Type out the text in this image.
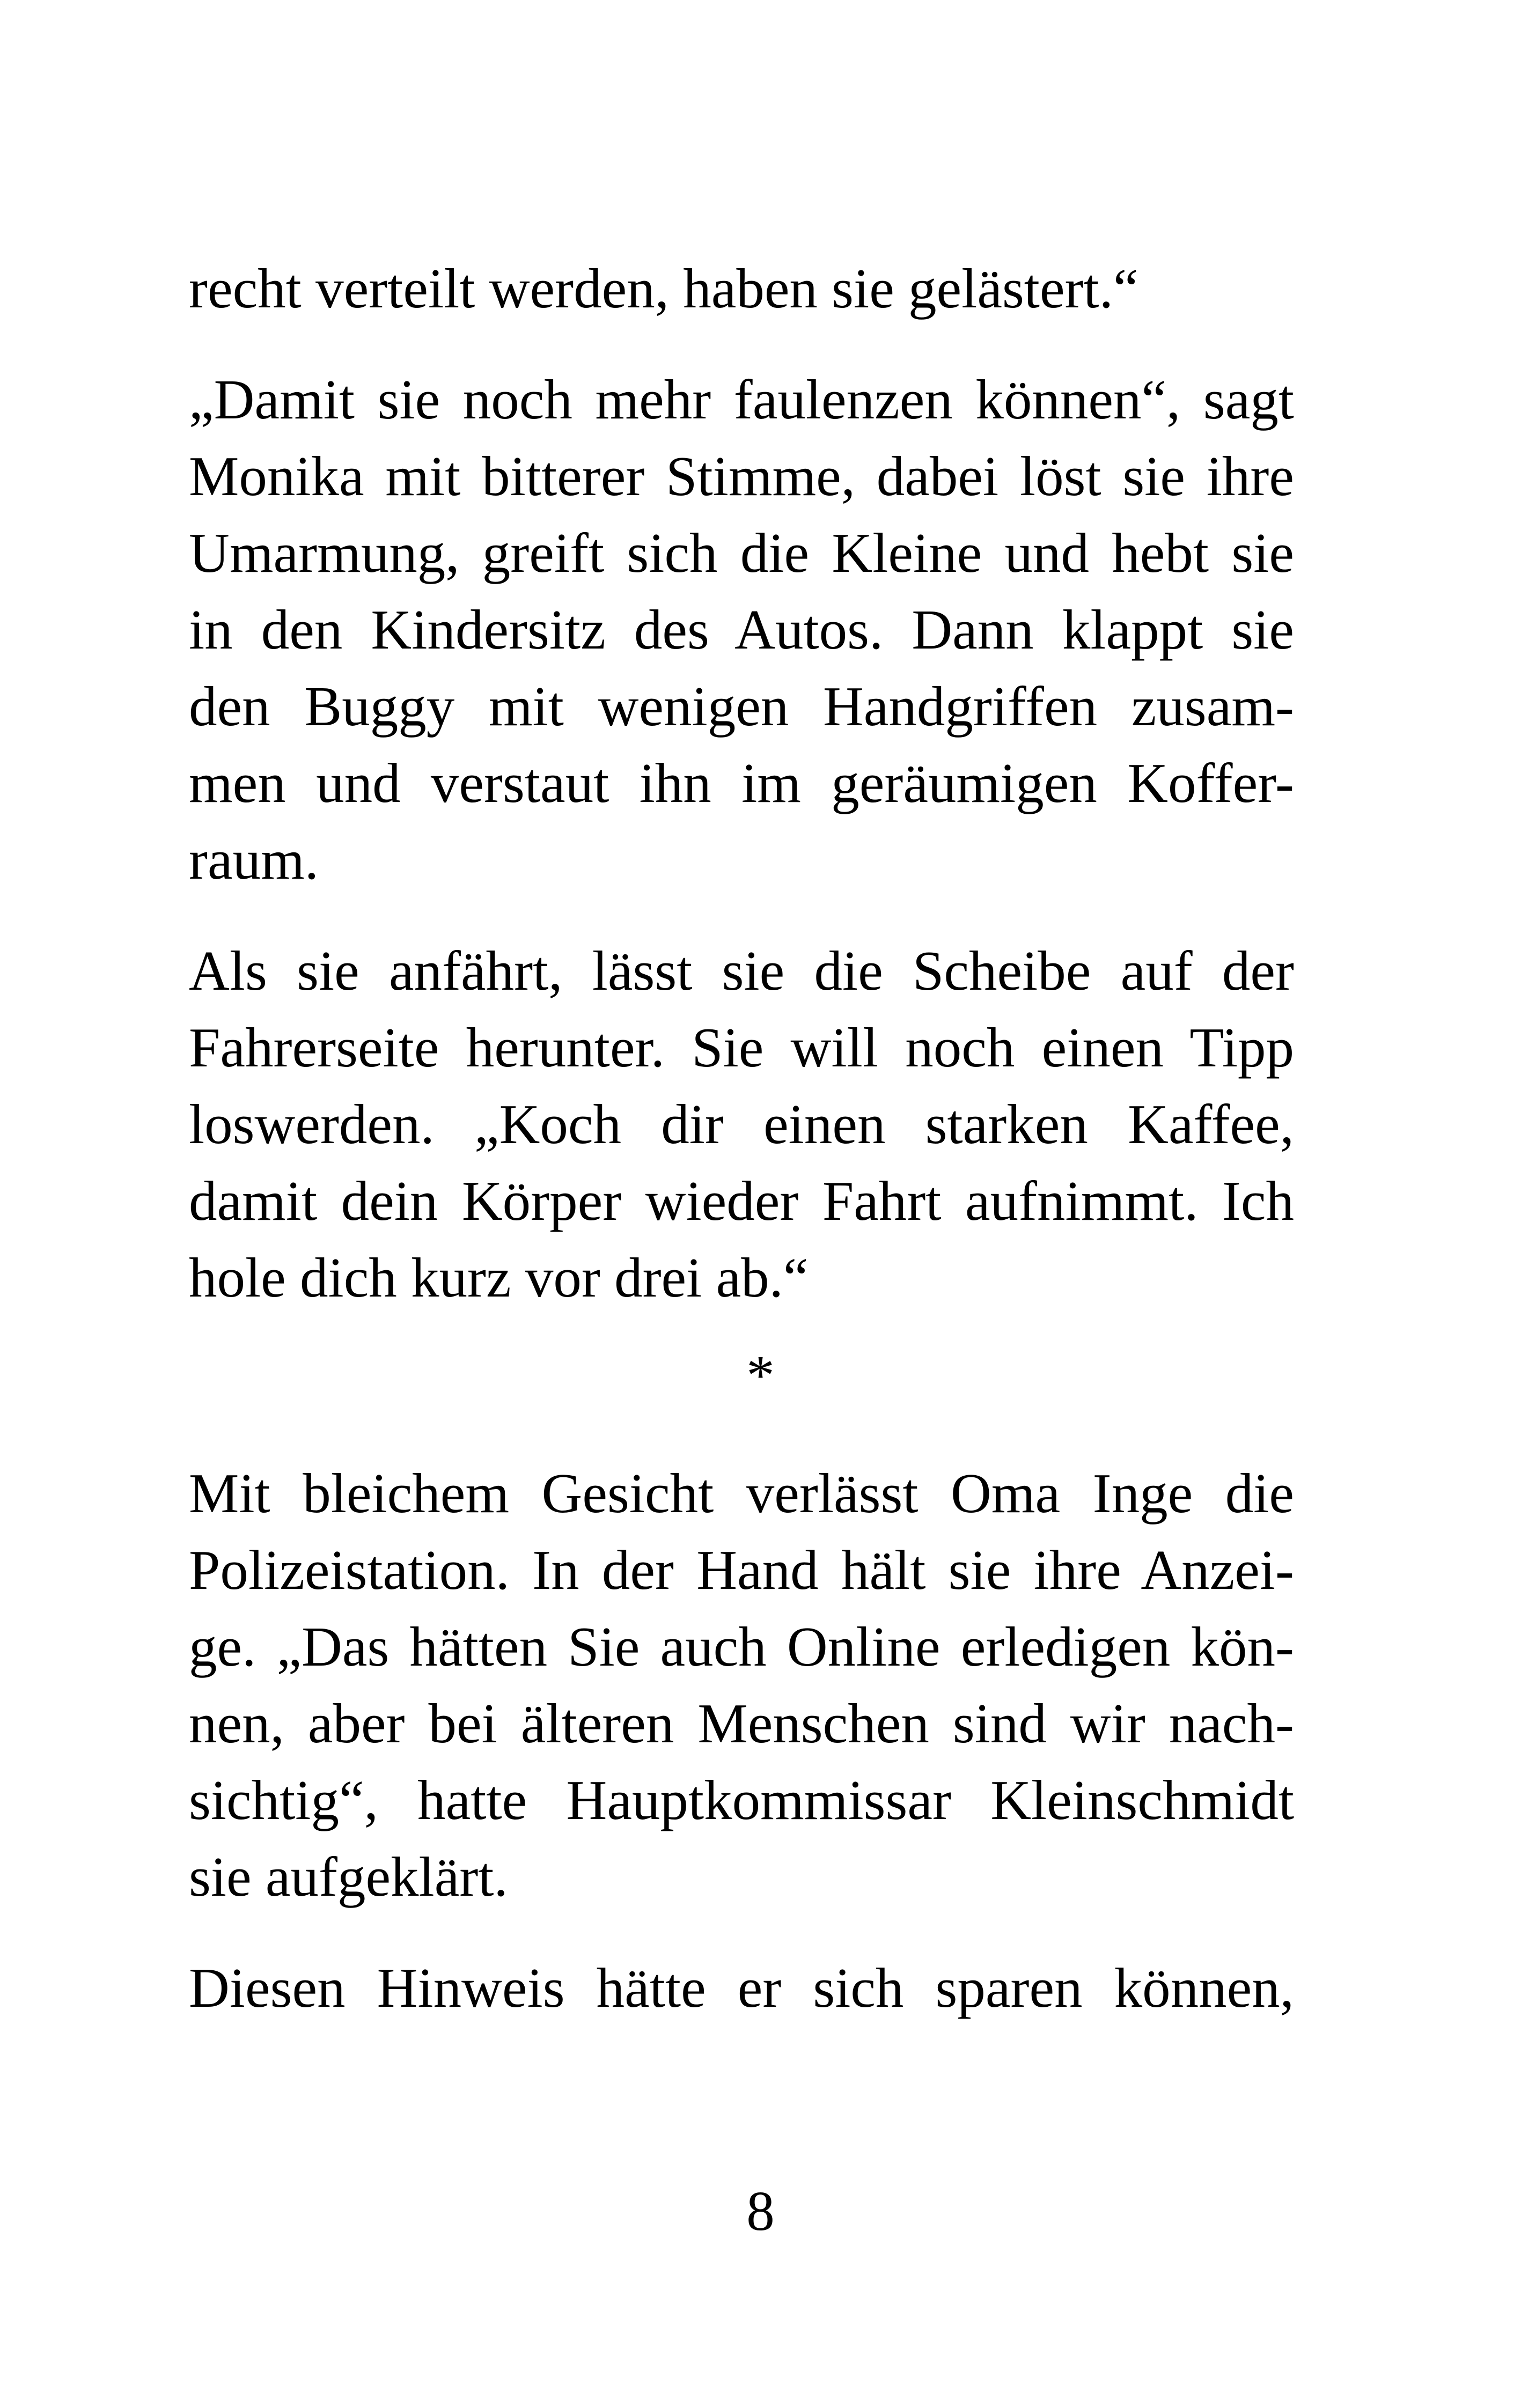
recht verteilt werden, haben sie gelästert.“
„Damit sie noch mehr faulenzen können“, sagt
Monika mit bitterer Stimme, dabei löst sie ihre
Umarmung, greift sich die Kleine und hebt sie
in den Kindersitz des Autos. Dann klappt sie
den Buggy mit wenigen Handgriffen zusam-
men und verstaut ihn im geräumigen Koffer-
raum.
Als sie anfährt, lässt sie die Scheibe auf der
Fahrerseite herunter. Sie will noch einen Tipp
loswerden. „Koch dir einen starken Kaffee,
damit dein Körper wieder Fahrt aufnimmt. Ich
hole dich kurz vor drei ab.“
*
Mit bleichem Gesicht verlässt Oma Inge die
Polizeistation. In der Hand hält sie ihre Anzei-
ge. „Das hätten Sie auch Online erledigen kön-
nen, aber bei älteren Menschen sind wir nach-
sichtig“, hatte Hauptkommissar Kleinschmidt
sie aufgeklärt.
Diesen Hinweis hätte er sich sparen können,
8
